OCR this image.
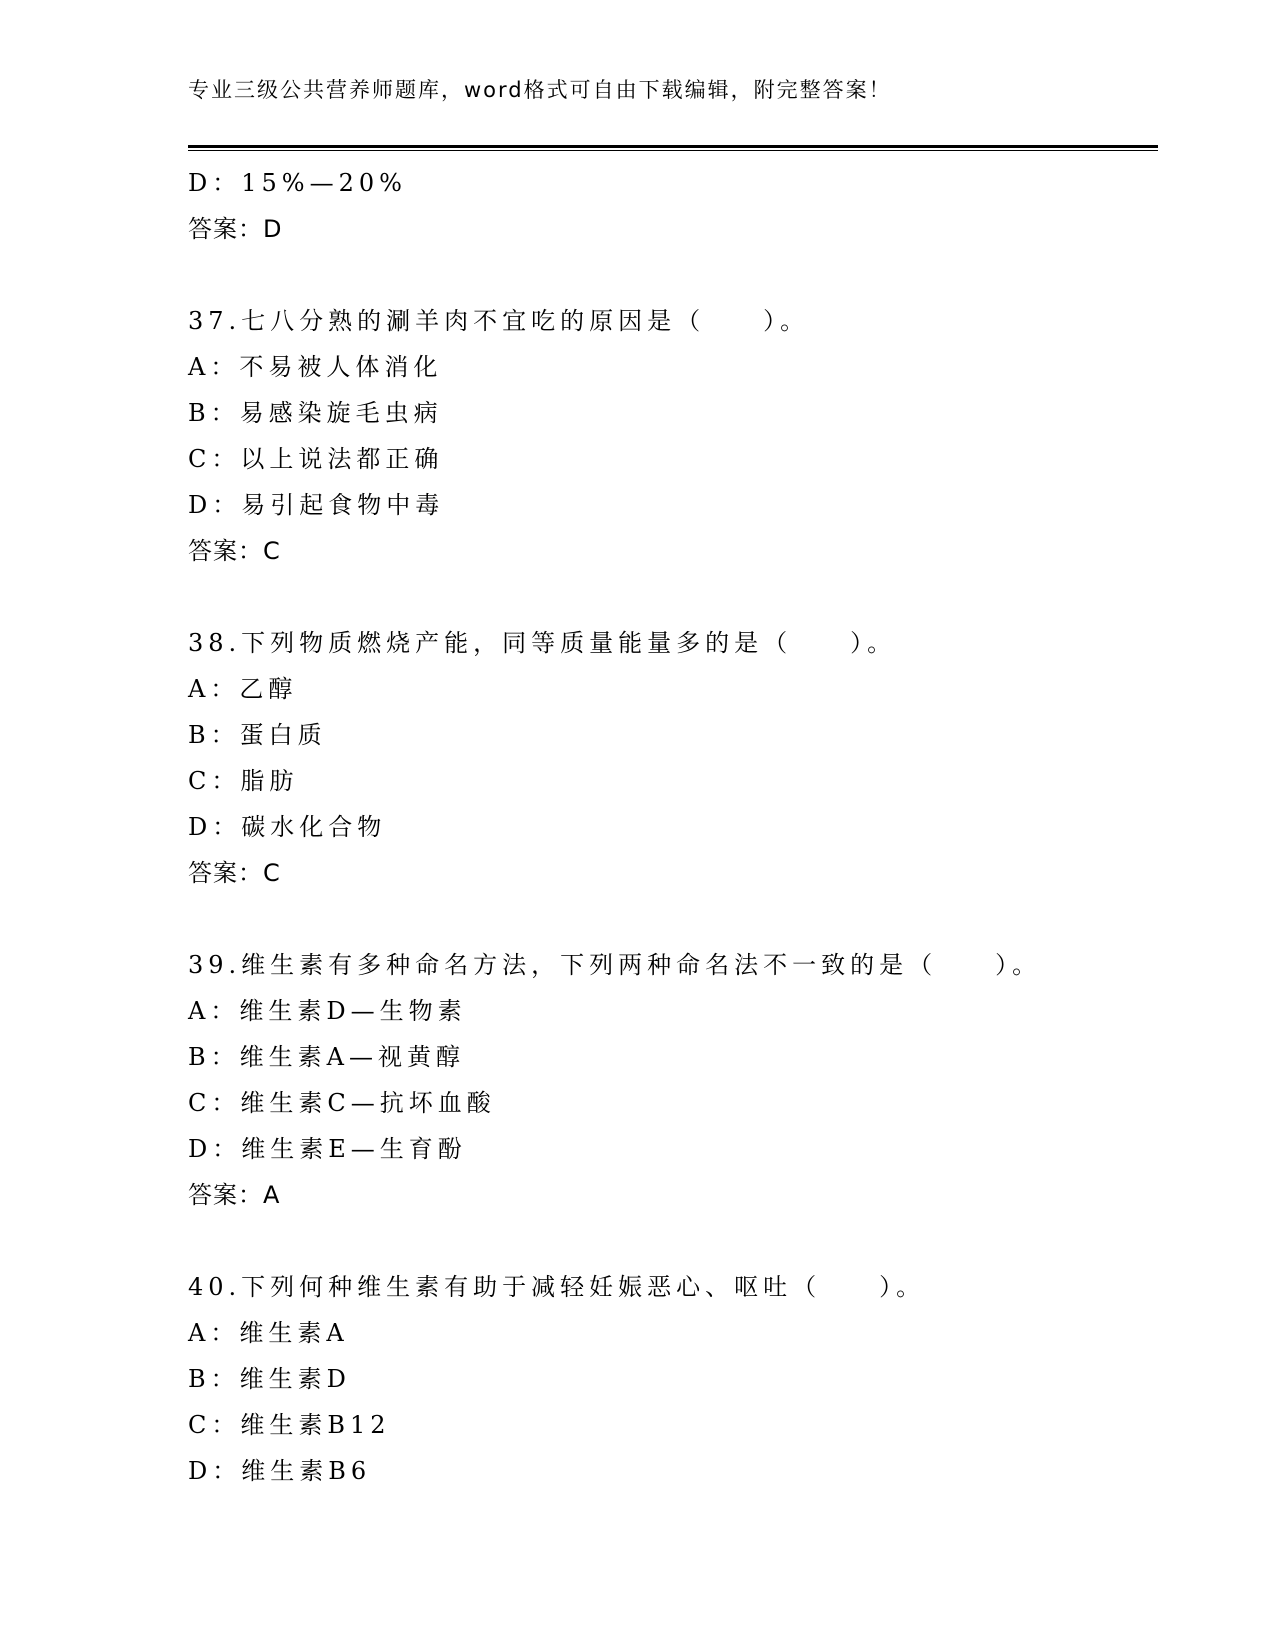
专业三级公共营养师题库，word格式可自由下载编辑，附完整答案！
D：15%—20%
答案：D
37.七八分熟的涮羊肉不宜吃的原因是（　　）。
A：不易被人体消化
B：易感染旋毛虫病
C：以上说法都正确
D：易引起食物中毒
答案：C
38.下列物质燃烧产能，同等质量能量多的是（　　）。
A：乙醇
B：蛋白质
C：脂肪
D：碳水化合物
答案：C
39.维生素有多种命名方法，下列两种命名法不一致的是（　　）。
A：维生素D—生物素
B：维生素A—视黄醇
C：维生素C—抗坏血酸
D：维生素E—生育酚
答案：A
40.下列何种维生素有助于减轻妊娠恶心、呕吐（　　）。
A：维生素A
B：维生素D
C：维生素B12
D：维生素B6
